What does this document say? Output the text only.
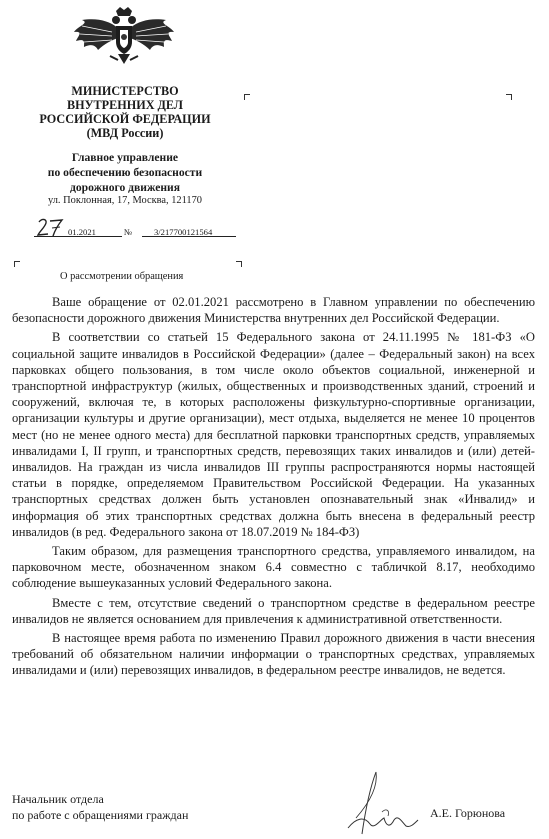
МИНИСТЕРСТВО
ВНУТРЕННИХ ДЕЛ
РОССИЙСКОЙ ФЕДЕРАЦИИ
(МВД России)
Главное управление
по обеспечению безопасности
дорожного движения
ул. Поклонная, 17, Москва, 121170
01.2021	№	3/217700121564
О рассмотрении обращения

Ваше обращение от 02.01.2021 рассмотрено в Главном управлении по обеспечению безопасности дорожного движения Министерства внутренних дел Российской Федерации.

В соответствии со статьей 15 Федерального закона от 24.11.1995 № 181-ФЗ «О социальной защите инвалидов в Российской Федерации» (далее – Федеральный закон) на всех парковках общего пользования, в том числе около объектов социальной, инженерной и транспортной инфраструктур (жилых, общественных и производственных зданий, строений и сооружений, включая те, в которых расположены физкультурно-спортивные организации, организации культуры и другие организации), мест отдыха, выделяется не менее 10 процентов мест (но не менее одного места) для бесплатной парковки транспортных средств, управляемых инвалидами I, II групп, и транспортных средств, перевозящих таких инвалидов и (или) детей-инвалидов. На граждан из числа инвалидов III группы распространяются нормы настоящей статьи в порядке, определяемом Правительством Российской Федерации. На указанных транспортных средствах должен быть установлен опознавательный знак «Инвалид» и информация об этих транспортных средствах должна быть внесена в федеральный реестр инвалидов (в ред. Федерального закона от 18.07.2019 № 184-ФЗ)

Таким образом, для размещения транспортного средства, управляемого инвалидом, на парковочном месте, обозначенном знаком 6.4 совместно с табличкой 8.17, необходимо соблюдение вышеуказанных условий Федерального закона.

Вместе с тем, отсутствие сведений о транспортном средстве в федеральном реестре инвалидов не является основанием для привлечения к административной ответственности.

В настоящее время работа по изменению Правил дорожного движения в части внесения требований об обязательном наличии информации о транспортных средствах, управляемых инвалидами и (или) перевозящих инвалидов, в федеральном реестре инвалидов, не ведется.

Начальник отдела
по работе с обращениями граждан	А.Е. Горюнова
